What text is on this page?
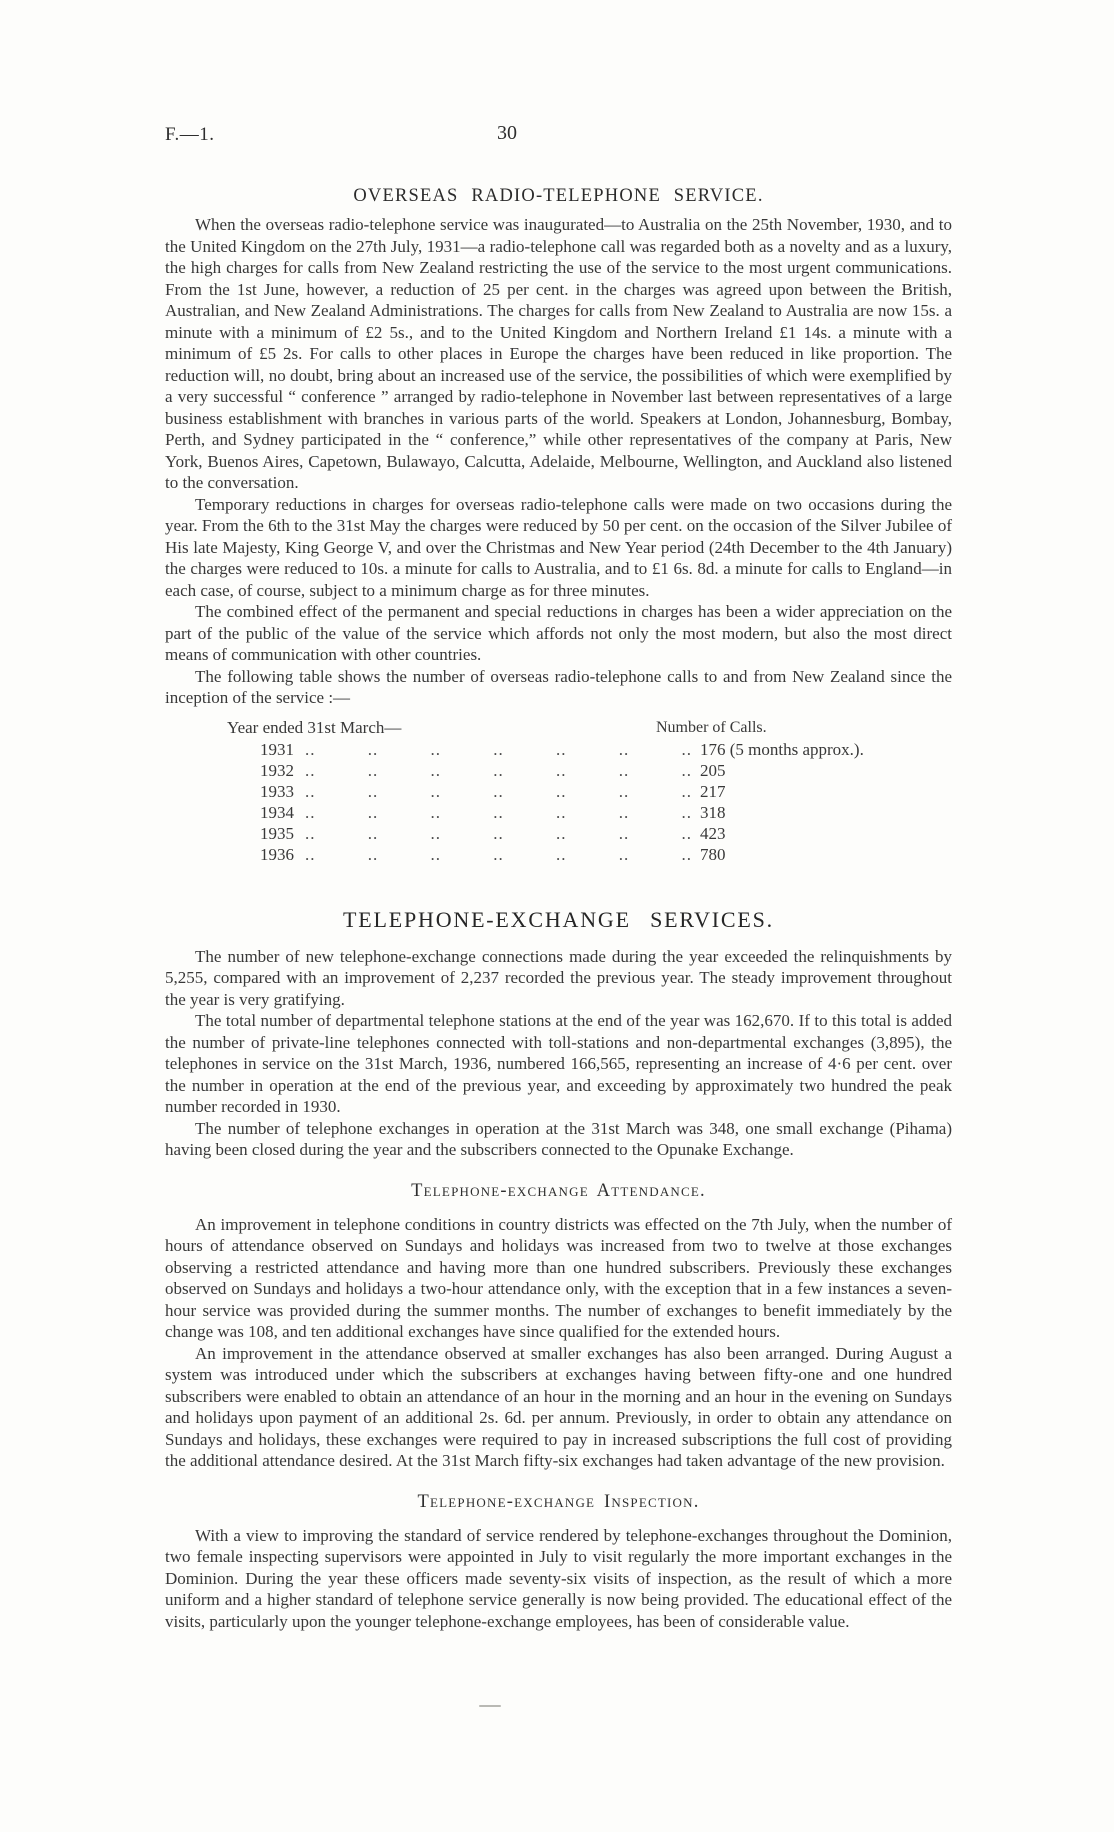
F.—1.	30
OVERSEAS RADIO-TELEPHONE SERVICE.

When the overseas radio-telephone service was inaugurated—to Australia on the 25th November, 1930, and to the United Kingdom on the 27th July, 1931—a radio-telephone call was regarded both as a novelty and as a luxury, the high charges for calls from New Zealand restricting the use of the service to the most urgent communications. From the 1st June, however, a reduction of 25 per cent. in the charges was agreed upon between the British, Australian, and New Zealand Administrations. The charges for calls from New Zealand to Australia are now 15s. a minute with a minimum of £2 5s., and to the United Kingdom and Northern Ireland £1 14s. a minute with a minimum of £5 2s. For calls to other places in Europe the charges have been reduced in like proportion. The reduction will, no doubt, bring about an increased use of the service, the possibilities of which were exemplified by a very successful “ conference ” arranged by radio-telephone in November last between representatives of a large business establishment with branches in various parts of the world. Speakers at London, Johannesburg, Bombay, Perth, and Sydney participated in the “ conference,” while other representatives of the company at Paris, New York, Buenos Aires, Capetown, Bulawayo, Calcutta, Adelaide, Melbourne, Wellington, and Auckland also listened to the conversation.

Temporary reductions in charges for overseas radio-telephone calls were made on two occasions during the year. From the 6th to the 31st May the charges were reduced by 50 per cent. on the occasion of the Silver Jubilee of His late Majesty, King George V, and over the Christmas and New Year period (24th December to the 4th January) the charges were reduced to 10s. a minute for calls to Australia, and to £1 6s. 8d. a minute for calls to England—in each case, of course, subject to a minimum charge as for three minutes.

The combined effect of the permanent and special reductions in charges has been a wider appreciation on the part of the public of the value of the service which affords not only the most modern, but also the most direct means of communication with other countries.

The following table shows the number of overseas radio-telephone calls to and from New Zealand since the inception of the service :—

Year ended 31st March—	Number of Calls.
1931 .. .. .. .. .. .. .. 176 (5 months approx.).
1932 .. .. .. .. .. .. .. 205
1933 .. .. .. .. .. .. .. 217
1934 .. .. .. .. .. .. .. 318
1935 .. .. .. .. .. .. .. 423
1936 .. .. .. .. .. .. .. 780
TELEPHONE-EXCHANGE SERVICES.

The number of new telephone-exchange connections made during the year exceeded the relinquishments by 5,255, compared with an improvement of 2,237 recorded the previous year. The steady improvement throughout the year is very gratifying.

The total number of departmental telephone stations at the end of the year was 162,670. If to this total is added the number of private-line telephones connected with toll-stations and non-departmental exchanges (3,895), the telephones in service on the 31st March, 1936, numbered 166,565, representing an increase of 4·6 per cent. over the number in operation at the end of the previous year, and exceeding by approximately two hundred the peak number recorded in 1930.

The number of telephone exchanges in operation at the 31st March was 348, one small exchange (Pihama) having been closed during the year and the subscribers connected to the Opunake Exchange.

Telephone-exchange Attendance.

An improvement in telephone conditions in country districts was effected on the 7th July, when the number of hours of attendance observed on Sundays and holidays was increased from two to twelve at those exchanges observing a restricted attendance and having more than one hundred subscribers. Previously these exchanges observed on Sundays and holidays a two-hour attendance only, with the exception that in a few instances a seven-hour service was provided during the summer months. The number of exchanges to benefit immediately by the change was 108, and ten additional exchanges have since qualified for the extended hours.

An improvement in the attendance observed at smaller exchanges has also been arranged. During August a system was introduced under which the subscribers at exchanges having between fifty-one and one hundred subscribers were enabled to obtain an attendance of an hour in the morning and an hour in the evening on Sundays and holidays upon payment of an additional 2s. 6d. per annum. Previously, in order to obtain any attendance on Sundays and holidays, these exchanges were required to pay in increased subscriptions the full cost of providing the additional attendance desired. At the 31st March fifty-six exchanges had taken advantage of the new provision.

Telephone-exchange Inspection.

With a view to improving the standard of service rendered by telephone-exchanges throughout the Dominion, two female inspecting supervisors were appointed in July to visit regularly the more important exchanges in the Dominion. During the year these officers made seventy-six visits of inspection, as the result of which a more uniform and a higher standard of telephone service generally is now being provided. The educational effect of the visits, particularly upon the younger telephone-exchange employees, has been of considerable value.
